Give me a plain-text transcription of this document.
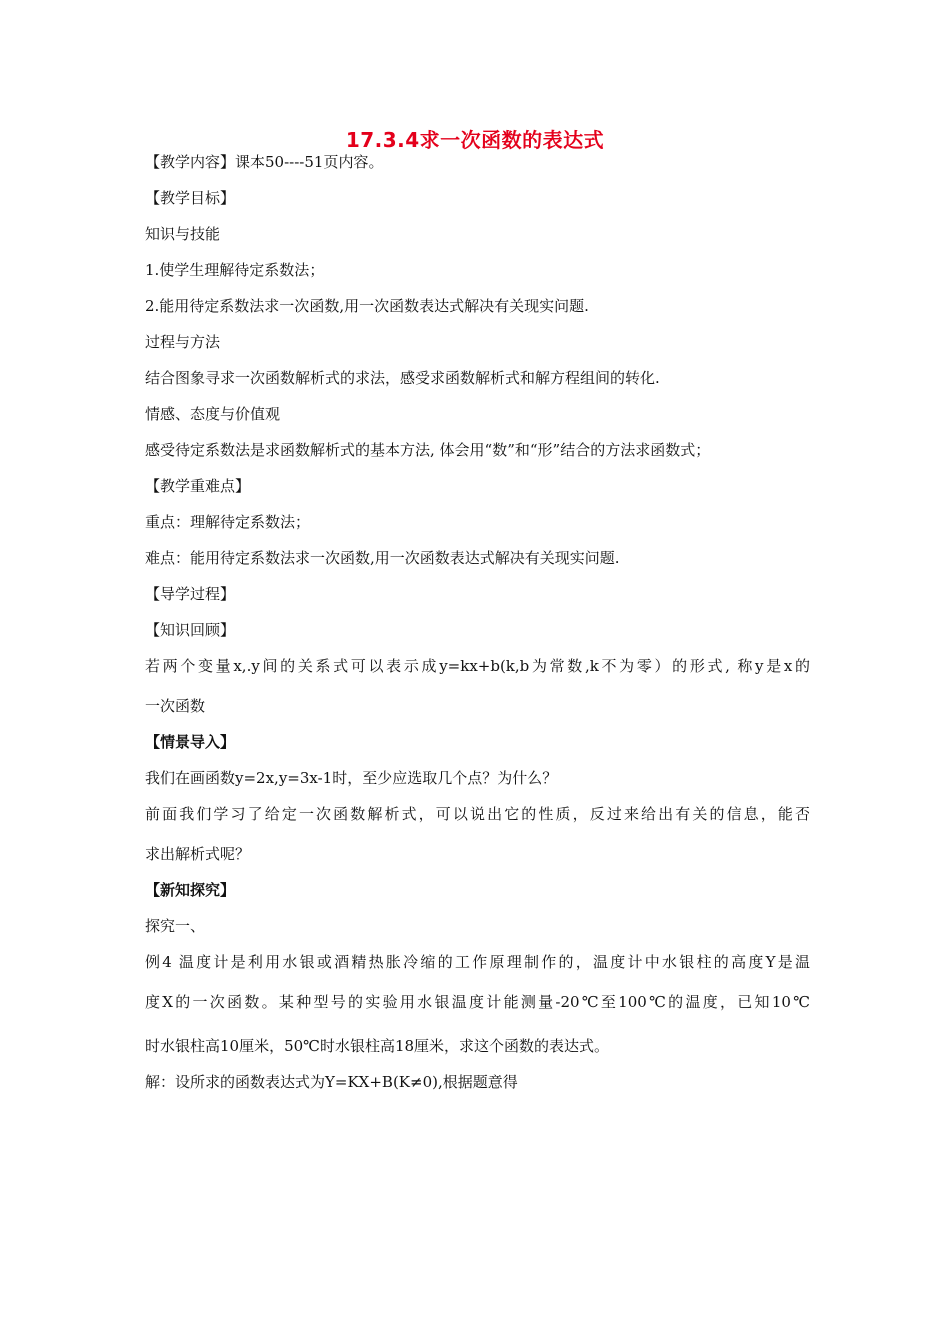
17.3.4求一次函数的表达式
【教学内容】课本50----51页内容。
【教学目标】
知识与技能
1.使学生理解待定系数法；
2.能用待定系数法求一次函数,用一次函数表达式解决有关现实问题.
过程与方法
结合图象寻求一次函数解析式的求法，感受求函数解析式和解方程组间的转化.
情感、态度与价值观
感受待定系数法是求函数解析式的基本方法, 体会用“数”和“形”结合的方法求函数式；
【教学重难点】
重点：理解待定系数法；
难点：能用待定系数法求一次函数,用一次函数表达式解决有关现实问题.
【导学过程】
【知识回顾】
若两个变量x,.y间的关系式可以表示成y=kx+b(k,b为常数,k不为零）的形式, 称y是x的
一次函数
【情景导入】
我们在画函数y=2x,y=3x-1时，至少应选取几个点？为什么？
前面我们学习了给定一次函数解析式，可以说出它的性质，反过来给出有关的信息，能否
求出解析式呢？
【新知探究】
探究一、
例4 温度计是利用水银或酒精热胀冷缩的工作原理制作的，温度计中水银柱的高度Y是温
度X的一次函数。某种型号的实验用水银温度计能测量-20℃至100℃的温度，已知10℃
时水银柱高10厘米，50℃时水银柱高18厘米，求这个函数的表达式。
解：设所求的函数表达式为Y=KX+B(K≠0),根据题意得
